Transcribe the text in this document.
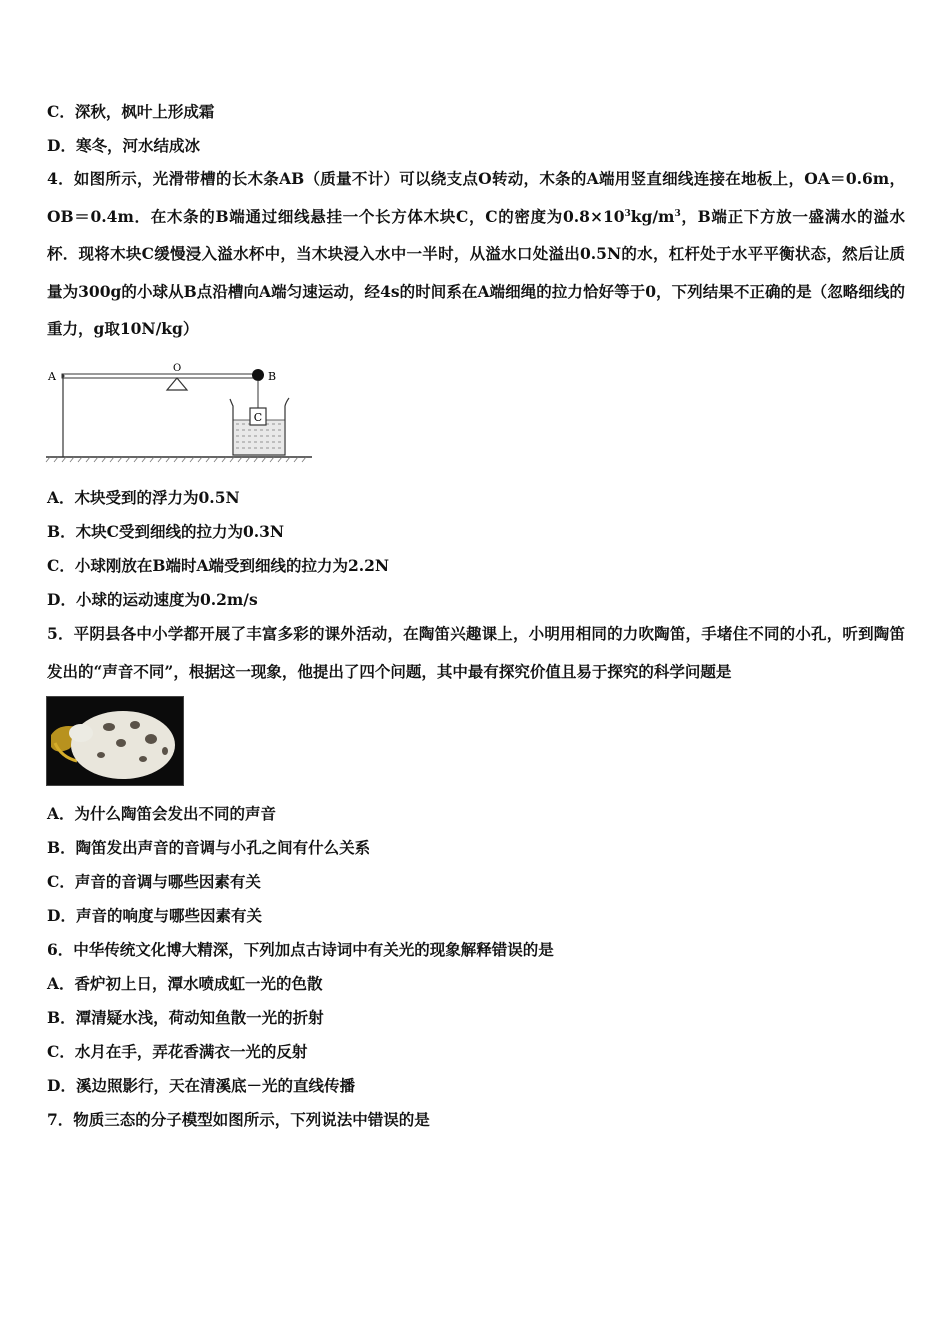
C．深秋，枫叶上形成霜
D．寒冬，河水结成冰
4．如图所示，光滑带槽的长木条AB（质量不计）可以绕支点O转动，木条的A端用竖直细线连接在地板上，OA＝0.6m，OB＝0.4m．在木条的B端通过细线悬挂一个长方体木块C，C的密度为$0.8\times 10^3kg/m^3$，B端正下方放一盛满水的溢水杯．现将木块C缓慢浸入溢水杯中，当木块浸入水中一半时，从溢水口处溢出0.5N的水，杠杆处于水平平衡状态，然后让质量为300g的小球从B点沿槽向A端匀速运动，经4s的时间系在A端细绳的拉力恰好等于0，下列结果不正确的是（忽略细线的重力，g取10N/kg）
C
A
O
B
A．木块受到的浮力为0.5N
B．木块C受到细线的拉力为0.3N
C．小球刚放在B端时A端受到细线的拉力为2.2N
D．小球的运动速度为0.2m/s
5．平阴县各中小学都开展了丰富多彩的课外活动，在陶笛兴趣课上，小明用相同的力吹陶笛，手堵住不同的小孔，听到陶笛发出的“声音不同”，根据这一现象，他提出了四个问题，其中最有探究价值且易于探究的科学问题是
A．为什么陶笛会发出不同的声音
B．陶笛发出声音的音调与小孔之间有什么关系
C．声音的音调与哪些因素有关
D．声音的响度与哪些因素有关
6．中华传统文化博大精深，下列加点古诗词中有关光的现象解释错误的是
A．香炉初上日，潭水喷成虹一光的色散
B．潭清疑水浅，荷动知鱼散一光的折射
C．水月在手，弄花香满衣一光的反射
D．溪边照影行，天在清溪底－光的直线传播
7．物质三态的分子模型如图所示，下列说法中错误的是
